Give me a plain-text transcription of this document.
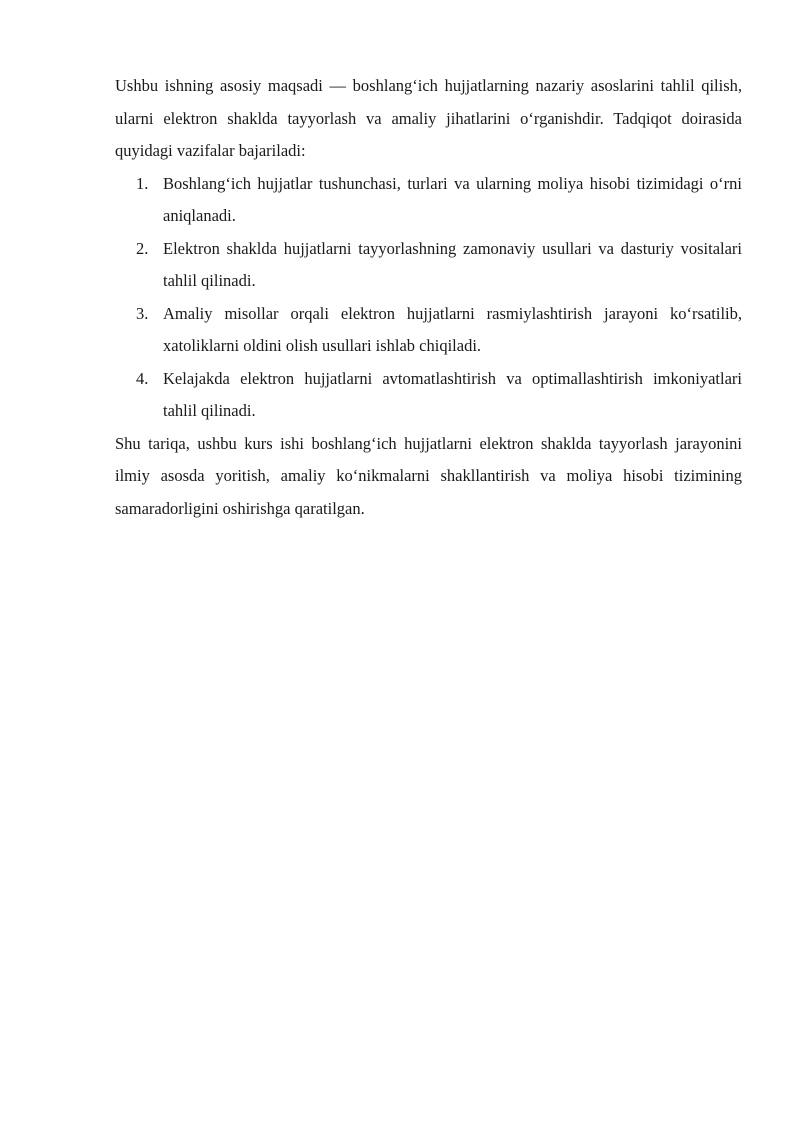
Ushbu ishning asosiy maqsadi — boshlang‘ich hujjatlarning nazariy asoslarini tahlil qilish, ularni elektron shaklda tayyorlash va amaliy jihatlarini o‘rganishdir. Tadqiqot doirasida quyidagi vazifalar bajariladi:

1. Boshlang‘ich hujjatlar tushunchasi, turlari va ularning moliya hisobi tizimidagi o‘rni aniqlanadi.
2. Elektron shaklda hujjatlarni tayyorlashning zamonaviy usullari va dasturiy vositalari tahlil qilinadi.
3. Amaliy misollar orqali elektron hujjatlarni rasmiylashtirish jarayoni ko‘rsatilib, xatoliklarni oldini olish usullari ishlab chiqiladi.
4. Kelajakda elektron hujjatlarni avtomatlashtirish va optimallashtirish imkoniyatlari tahlil qilinadi.

Shu tariqa, ushbu kurs ishi boshlang‘ich hujjatlarni elektron shaklda tayyorlash jarayonini ilmiy asosda yoritish, amaliy ko‘nikmalarni shakllantirish va moliya hisobi tizimining samaradorligini oshirishga qaratilgan.
